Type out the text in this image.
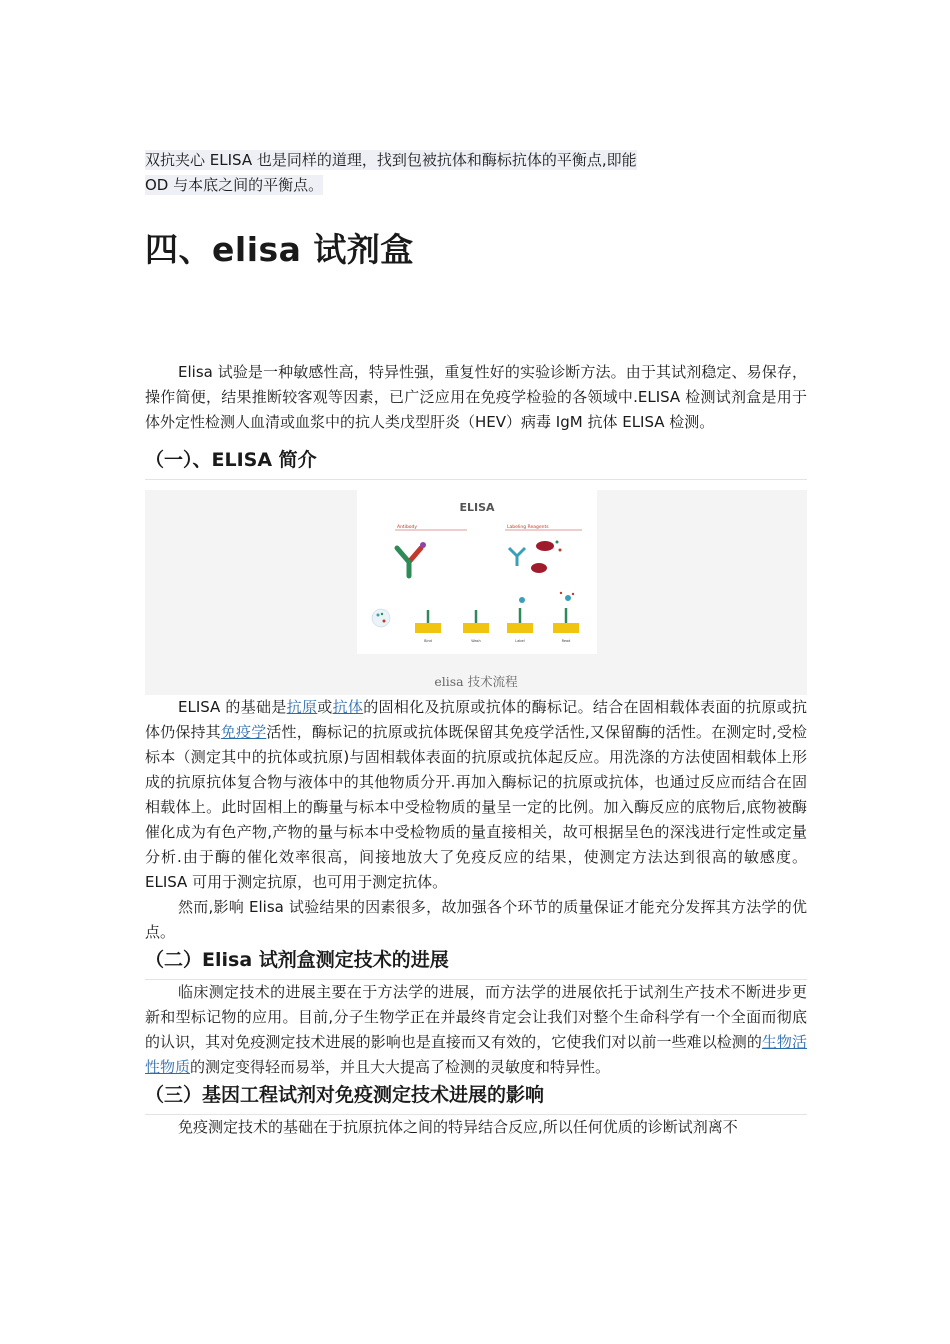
双抗夹心 ELISA 也是同样的道理，找到包被抗体和酶标抗体的平衡点,即能
OD 与本底之间的平衡点。

四、elisa 试剂盒

Elisa 试验是一种敏感性高，特异性强，重复性好的实验诊断方法。由于其试剂稳定、易保存，操作简便，结果推断较客观等因素，已广泛应用在免疫学检验的各领域中.ELISA 检测试剂盒是用于体外定性检测人血清或血浆中的抗人类戊型肝炎（HEV）病毒 IgM 抗体 ELISA 检测。

（一）、ELISA 简介
ELISA
Antibody	Labeling Reagents
Bind	Wash	Label	Read
elisa 技术流程

ELISA 的基础是抗原或抗体的固相化及抗原或抗体的酶标记。结合在固相载体表面的抗原或抗体仍保持其免疫学活性，酶标记的抗原或抗体既保留其免疫学活性,又保留酶的活性。在测定时,受检标本（测定其中的抗体或抗原)与固相载体表面的抗原或抗体起反应。用洗涤的方法使固相载体上形成的抗原抗体复合物与液体中的其他物质分开.再加入酶标记的抗原或抗体，也通过反应而结合在固相载体上。此时固相上的酶量与标本中受检物质的量呈一定的比例。加入酶反应的底物后,底物被酶催化成为有色产物,产物的量与标本中受检物质的量直接相关，故可根据呈色的深浅进行定性或定量分析.由于酶的催化效率很高，间接地放大了免疫反应的结果，使测定方法达到很高的敏感度。 ELISA 可用于测定抗原，也可用于测定抗体。

然而,影响 Elisa 试验结果的因素很多，故加强各个环节的质量保证才能充分发挥其方法学的优点。

（二）Elisa 试剂盒测定技术的进展

临床测定技术的进展主要在于方法学的进展，而方法学的进展依托于试剂生产技术不断进步更新和型标记物的应用。目前,分子生物学正在并最终肯定会让我们对整个生命科学有一个全面而彻底的认识，其对免疫测定技术进展的影响也是直接而又有效的，它使我们对以前一些难以检测的生物活性物质的测定变得轻而易举，并且大大提高了检测的灵敏度和特异性。

（三）基因工程试剂对免疫测定技术进展的影响

免疫测定技术的基础在于抗原抗体之间的特异结合反应,所以任何优质的诊断试剂离不
